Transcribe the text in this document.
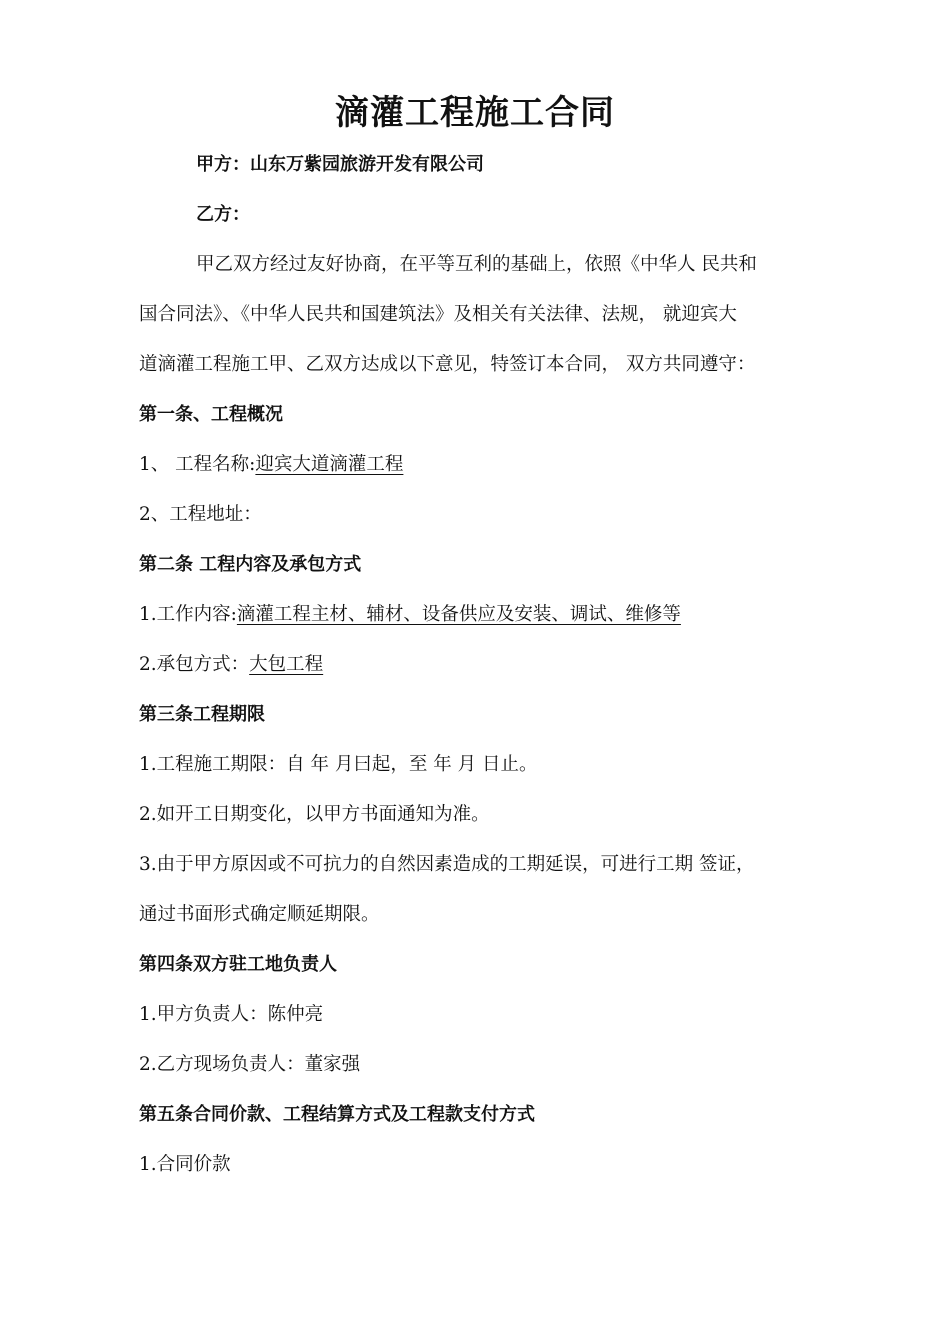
滴灌工程施工合同
甲方：山东万紫园旅游开发有限公司
乙方：
甲乙双方经过友好协商，在平等互利的基础上，依照《中华人 民共和
国合同法》、《中华人民共和国建筑法》及相关有关法律、法规， 就迎宾大
道滴灌工程施工甲、乙双方达成以下意见，特签订本合同， 双方共同遵守：
第一条、工程概况
1、 工程名称:迎宾大道滴灌工程
2、工程地址：
第二条 工程内容及承包方式
1.工作内容:滴灌工程主材、辅材、设备供应及安装、调试、维修等
2.承包方式：大包工程
第三条工程期限
1.工程施工期限：自 年 月曰起，至 年 月 日止。
2.如开工日期变化，以甲方书面通知为准。
3.由于甲方原因或不可抗力的自然因素造成的工期延误，可进行工期 签证，
通过书面形式确定顺延期限。
第四条双方驻工地负责人
1.甲方负责人：陈仲亮
2.乙方现场负责人：董家强
第五条合同价款、工程结算方式及工程款支付方式
1.合同价款
